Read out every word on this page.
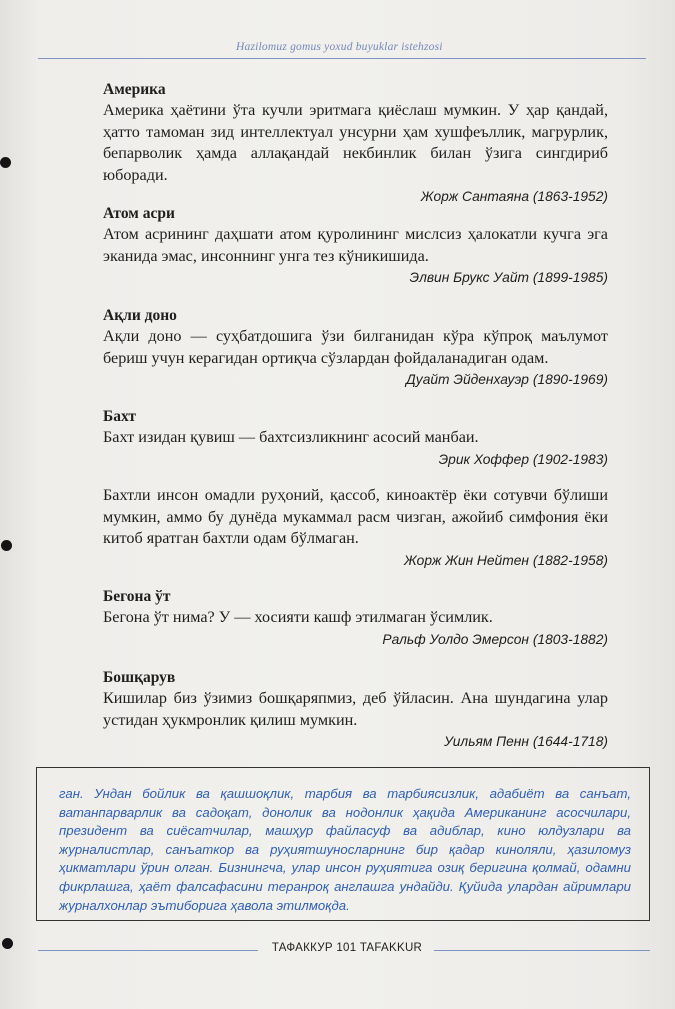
Hazilomuz gomus yoxud buyuklar istehzosi

Америка

Америка ҳаётини ўта кучли эритмага қиёслаш мумкин. У ҳар қандай, ҳатто тамоман зид интеллектуал унсурни ҳам хушфеъллик, магрурлик, бепарволик ҳамда аллақандай некбинлик билан ўзига сингдириб юборади.

Жорж Сантаяна (1863-1952)

Атом асри

Атом асрининг даҳшати атом қуролининг мислсиз ҳалокатли кучга эга эканида эмас, инсоннинг унга тез кўникишида.

Элвин Брукс Уайт (1899-1985)

Ақли доно

Ақли доно — суҳбатдошига ўзи билганидан кўра кўпроқ маълумот бериш учун керагидан ортиқча сўзлардан фойдаланадиган одам.

Дуайт Эйденхауэр (1890-1969)

Бахт

Бахт изидан қувиш — бахтсизликнинг асосий манбаи.

Эрик Хоффер (1902-1983)

Бахтли инсон омадли руҳоний, қассоб, киноактёр ёки сотувчи бўлиши мумкин, аммо бу дунёда мукаммал расм чизган, ажойиб симфония ёки китоб яратган бахтли одам бўлмаган.

Жорж Жин Нейтен (1882-1958)

Бегона ўт

Бегона ўт нима? У — хосияти кашф этилмаган ўсимлик.

Ральф Уолдо Эмерсон (1803-1882)

Бошқарув

Кишилар биз ўзимиз бошқаряпмиз, деб ўйласин. Ана шундагина улар устидан ҳукмронлик қилиш мумкин.

Уильям Пенн (1644-1718)

ган. Ундан бойлик ва қашшоқлик, тарбия ва тарбиясизлик, адабиёт ва санъат, ватанпарварлик ва садоқат, донолик ва нодонлик ҳақида Американинг асосчилари, президент ва сиёсатчилар, машҳур файласуф ва адиблар, кино юлдузлари ва журналистлар, санъаткор ва руҳиятшуносларнинг бир қадар киноляли, ҳазиломуз ҳикматлари ўрин олган. Бизнингча, улар инсон руҳиятига озиқ беригина қолмай, одамни фикрлашга, ҳаёт фалсафасини теранроқ англашга ундайди. Қуйида улардан айримлари журналхонлар эътиборига ҳавола этилмоқда.

ТАФАККУР 101 TAFAKKUR
